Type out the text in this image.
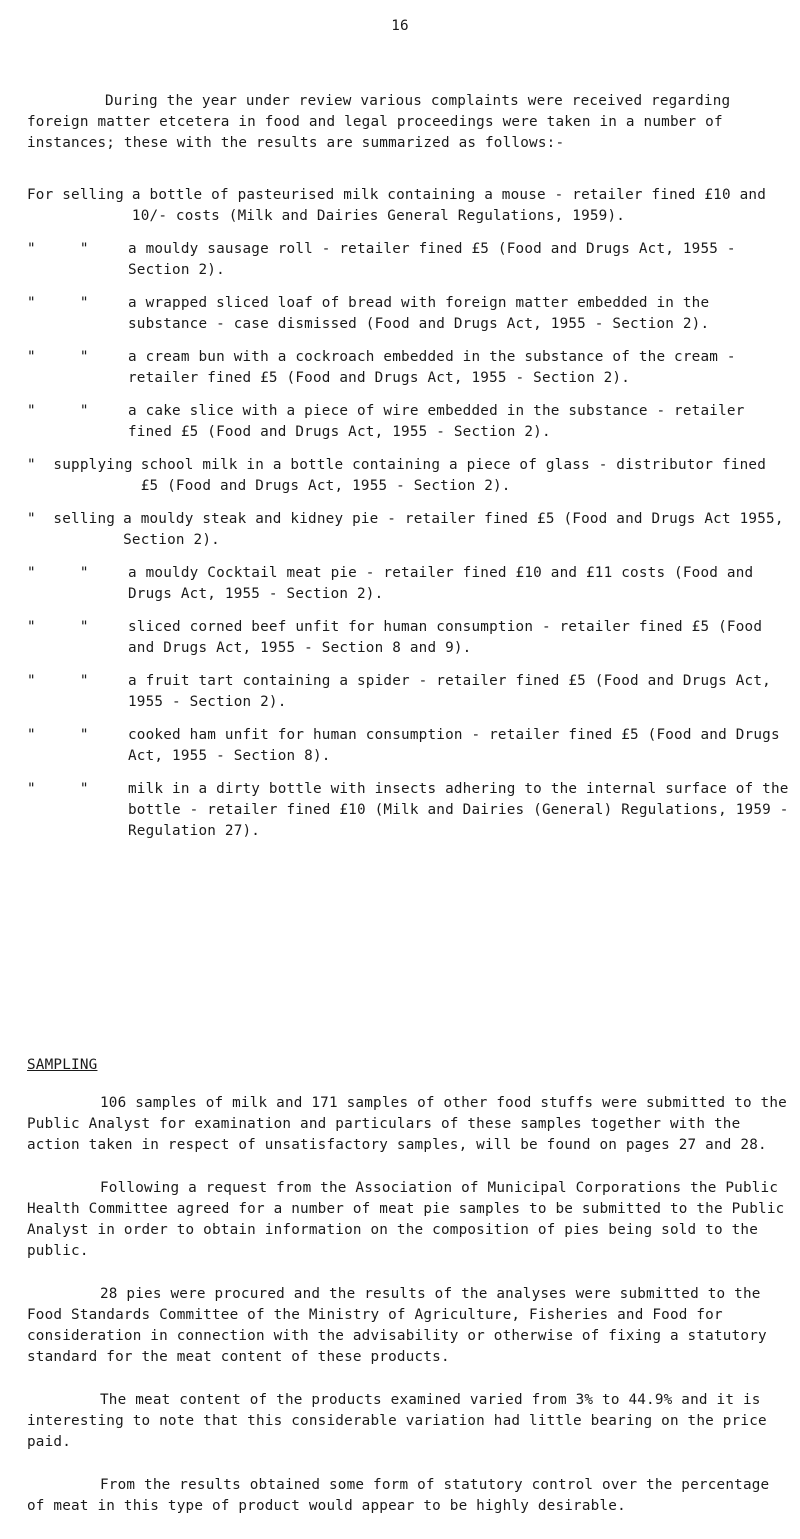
16

During the year under review various complaints were received regarding foreign matter etcetera in food and legal proceedings were taken in a number of instances; these with the results are summarized as follows:-

For selling a bottle of pasteurised milk containing a mouse - retailer fined £10 and 10/- costs (Milk and Dairies General Regulations, 1959).
"     "	a mouldy sausage roll - retailer fined £5 (Food and Drugs Act, 1955 - Section 2).
"     "	a wrapped sliced loaf of bread with foreign matter embedded in the substance - case dismissed (Food and Drugs Act, 1955 - Section 2).
"     "	a cream bun with a cockroach embedded in the substance of the cream - retailer fined £5 (Food and Drugs Act, 1955 - Section 2).
"     "	a cake slice with a piece of wire embedded in the substance - retailer fined £5 (Food and Drugs Act, 1955 - Section 2).
"  supplying school milk in a bottle containing a piece of glass - distributor fined £5 (Food and Drugs Act, 1955 - Section 2).
"  selling a mouldy steak and kidney pie - retailer fined £5 (Food and Drugs Act 1955, Section 2).
"     "	a mouldy Cocktail meat pie - retailer fined £10 and £11 costs (Food and Drugs Act, 1955 - Section 2).
"     "	sliced corned beef unfit for human consumption - retailer fined £5 (Food and Drugs Act, 1955 - Section 8 and 9).
"     "	a fruit tart containing a spider - retailer fined £5 (Food and Drugs Act, 1955 - Section 2).
"     "	cooked ham unfit for human consumption - retailer fined £5 (Food and Drugs Act, 1955 - Section 8).
"     "	milk in a dirty bottle with insects adhering to the internal surface of the bottle - retailer fined £10 (Milk and Dairies (General) Regulations, 1959 - Regulation 27).
SAMPLING

106 samples of milk and 171 samples of other food stuffs were submitted to the Public Analyst for examination and particulars of these samples together with the action taken in respect of unsatisfactory samples, will be found on pages 27 and 28.

Following a request from the Association of Municipal Corporations the Public Health Committee agreed for a number of meat pie samples to be submitted to the Public Analyst in order to obtain information on the composition of pies being sold to the public.

28 pies were procured and the results of the analyses were submitted to the Food Standards Committee of the Ministry of Agriculture, Fisheries and Food for consideration in connection with the advisability or otherwise of fixing a statutory standard for the meat content of these products.

The meat content of the products examined varied from 3% to 44.9% and it is interesting to note that this considerable variation had little bearing on the price paid.

From the results obtained some form of statutory control over the percentage of meat in this type of product would appear to be highly desirable.
